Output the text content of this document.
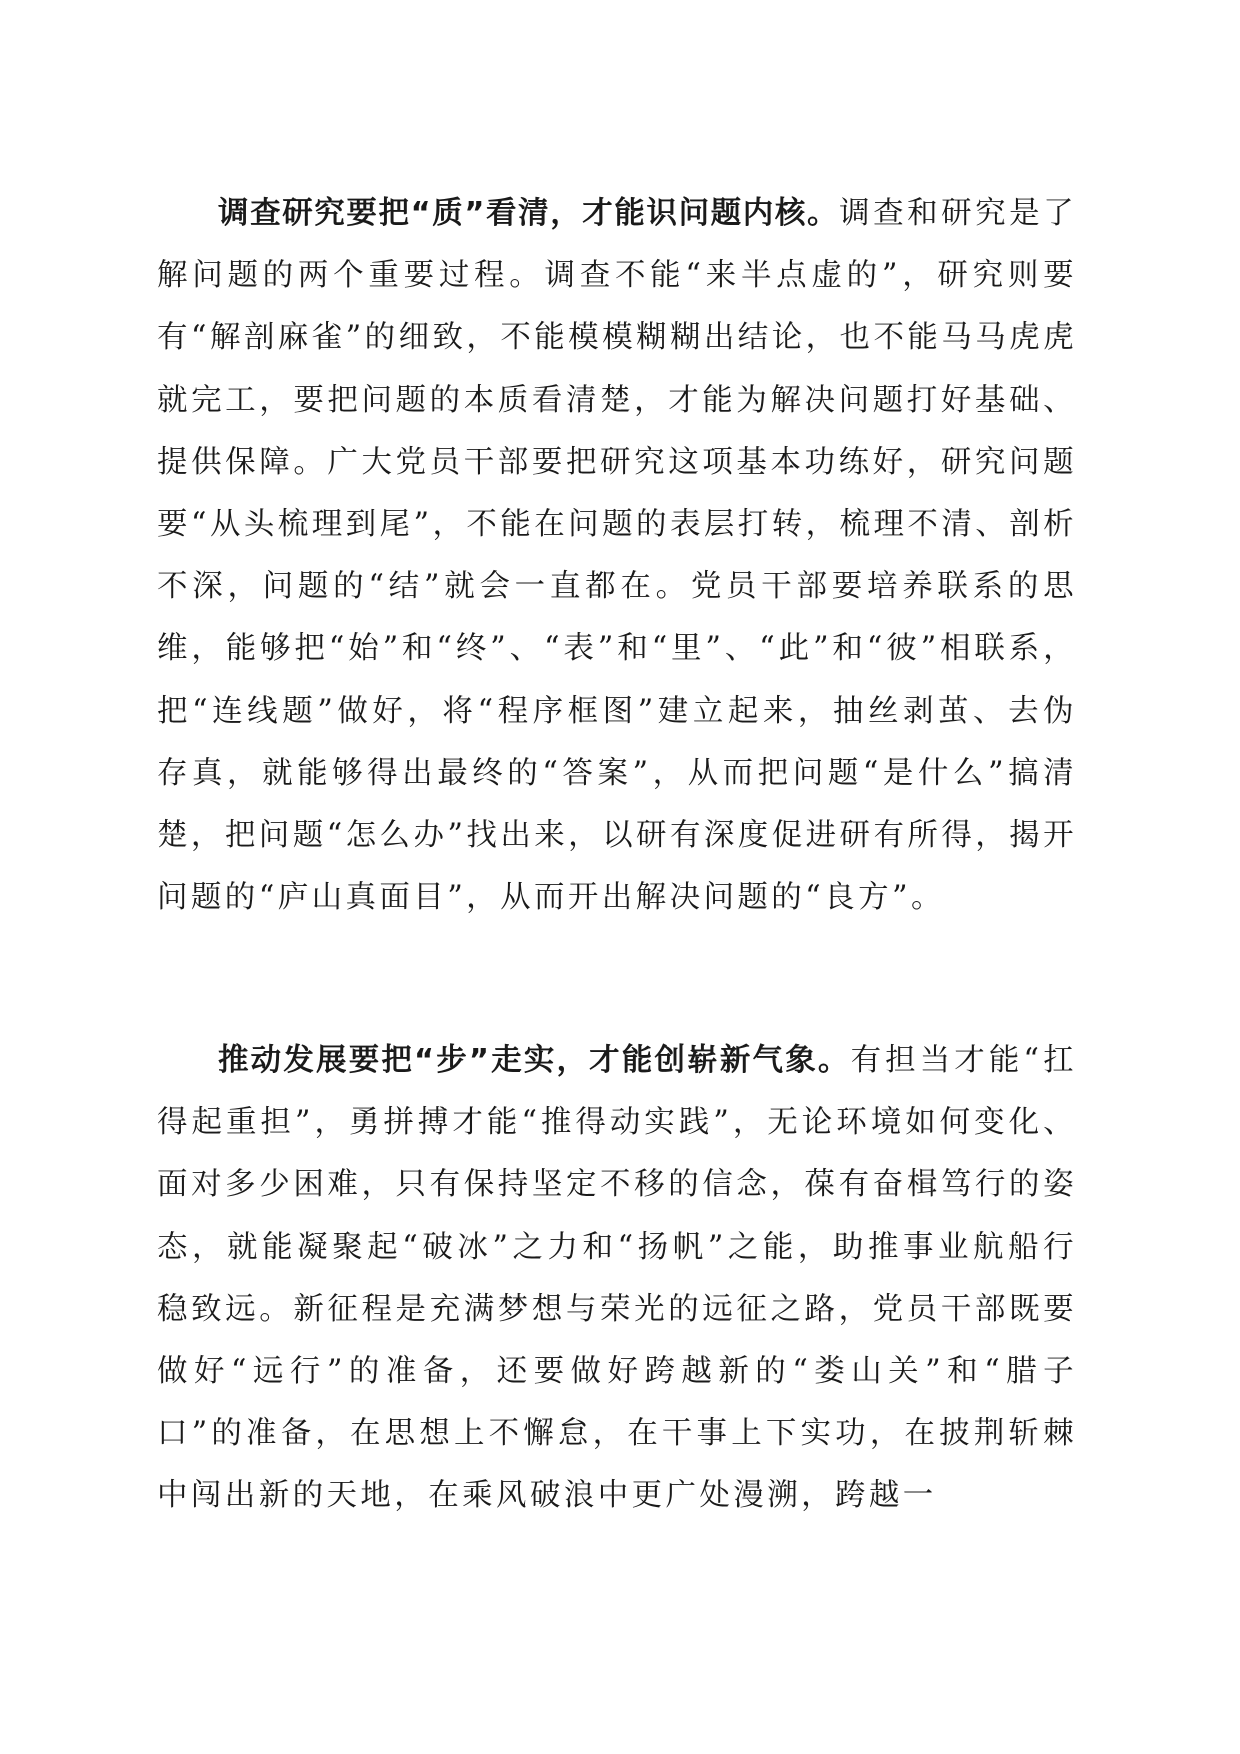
调查研究要把“质”看清，才能识问题内核。调查和研究是了解问题的两个重要过程。调查不能“来半点虚的”，研究则要有“解剖麻雀”的细致，不能模模糊糊出结论，也不能马马虎虎就完工，要把问题的本质看清楚，才能为解决问题打好基础、提供保障。广大党员干部要把研究这项基本功练好，研究问题要“从头梳理到尾”，不能在问题的表层打转，梳理不清、剖析不深，问题的“结”就会一直都在。党员干部要培养联系的思维，能够把“始”和“终”、“表”和“里”、“此”和“彼”相联系，把“连线题”做好，将“程序框图”建立起来，抽丝剥茧、去伪存真，就能够得出最终的“答案”，从而把问题“是什么”搞清楚，把问题“怎么办”找出来，以研有深度促进研有所得，揭开问题的“庐山真面目”，从而开出解决问题的“良方”。

推动发展要把“步”走实，才能创崭新气象。有担当才能“扛得起重担”，勇拼搏才能“推得动实践”，无论环境如何变化、面对多少困难，只有保持坚定不移的信念，葆有奋楫笃行的姿态，就能凝聚起“破冰”之力和“扬帆”之能，助推事业航船行稳致远。新征程是充满梦想与荣光的远征之路，党员干部既要做好“远行”的准备，还要做好跨越新的“娄山关”和“腊子口”的准备，在思想上不懈怠，在干事上下实功，在披荆斩棘中闯出新的天地，在乘风破浪中更广处漫溯，跨越一
